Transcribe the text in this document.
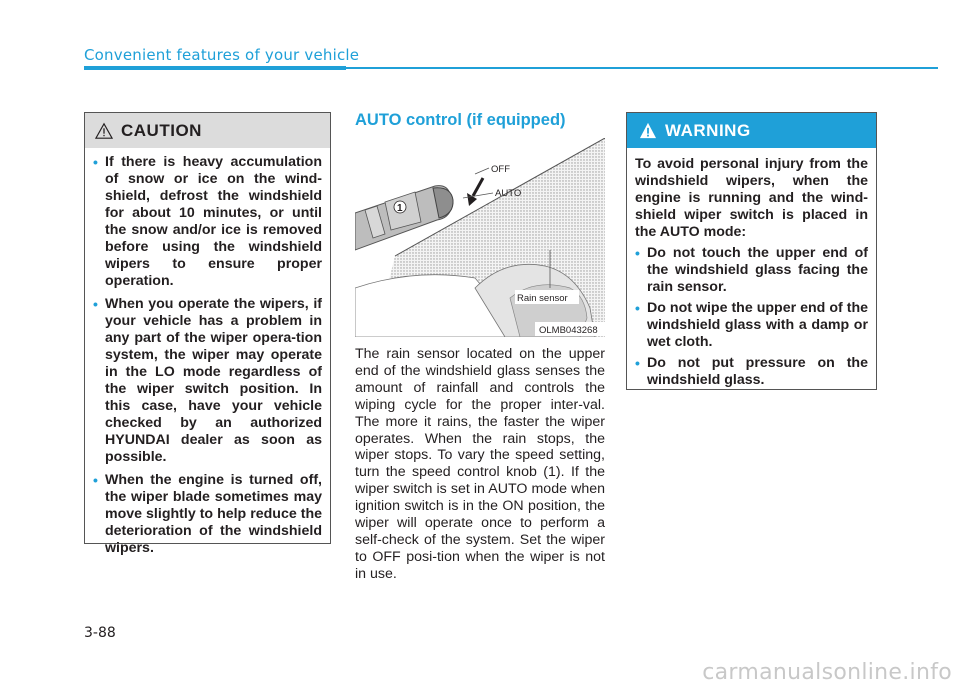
Convenient features of your vehicle
CAUTION
• If there is heavy accumulation of snow or ice on the wind-shield, defrost the windshield for about 10 minutes, or until the snow and/or ice is removed before using the windshield wipers to ensure proper operation.
• When you operate the wipers, if your vehicle has a problem in any part of the wiper opera-tion system, the wiper may operate in the LO mode regardless of the wiper switch position. In this case, have your vehicle checked by an authorized HYUNDAI dealer as soon as possible.
• When the engine is turned off, the wiper blade sometimes may move slightly to help reduce the deterioration of the windshield wipers.
AUTO control (if equipped)
OFF
AUTO
1
Rain sensor
OLMB043268

The rain sensor located on the upper end of the windshield glass senses the amount of rainfall and controls the wiping cycle for the proper inter-val. The more it rains, the faster the wiper operates. When the rain stops, the wiper stops. To vary the speed setting, turn the speed control knob (1). If the wiper switch is set in AUTO mode when ignition switch is in the ON position, the wiper will operate once to perform a self-check of the system. Set the wiper to OFF posi-tion when the wiper is not in use.

WARNING

To avoid personal injury from the windshield wipers, when the engine is running and the wind-shield wiper switch is placed in the AUTO mode:

• Do not touch the upper end of the windshield glass facing the rain sensor.
• Do not wipe the upper end of the windshield glass with a damp or wet cloth.
• Do not put pressure on the windshield glass.
3-88
carmanualsonline.info
